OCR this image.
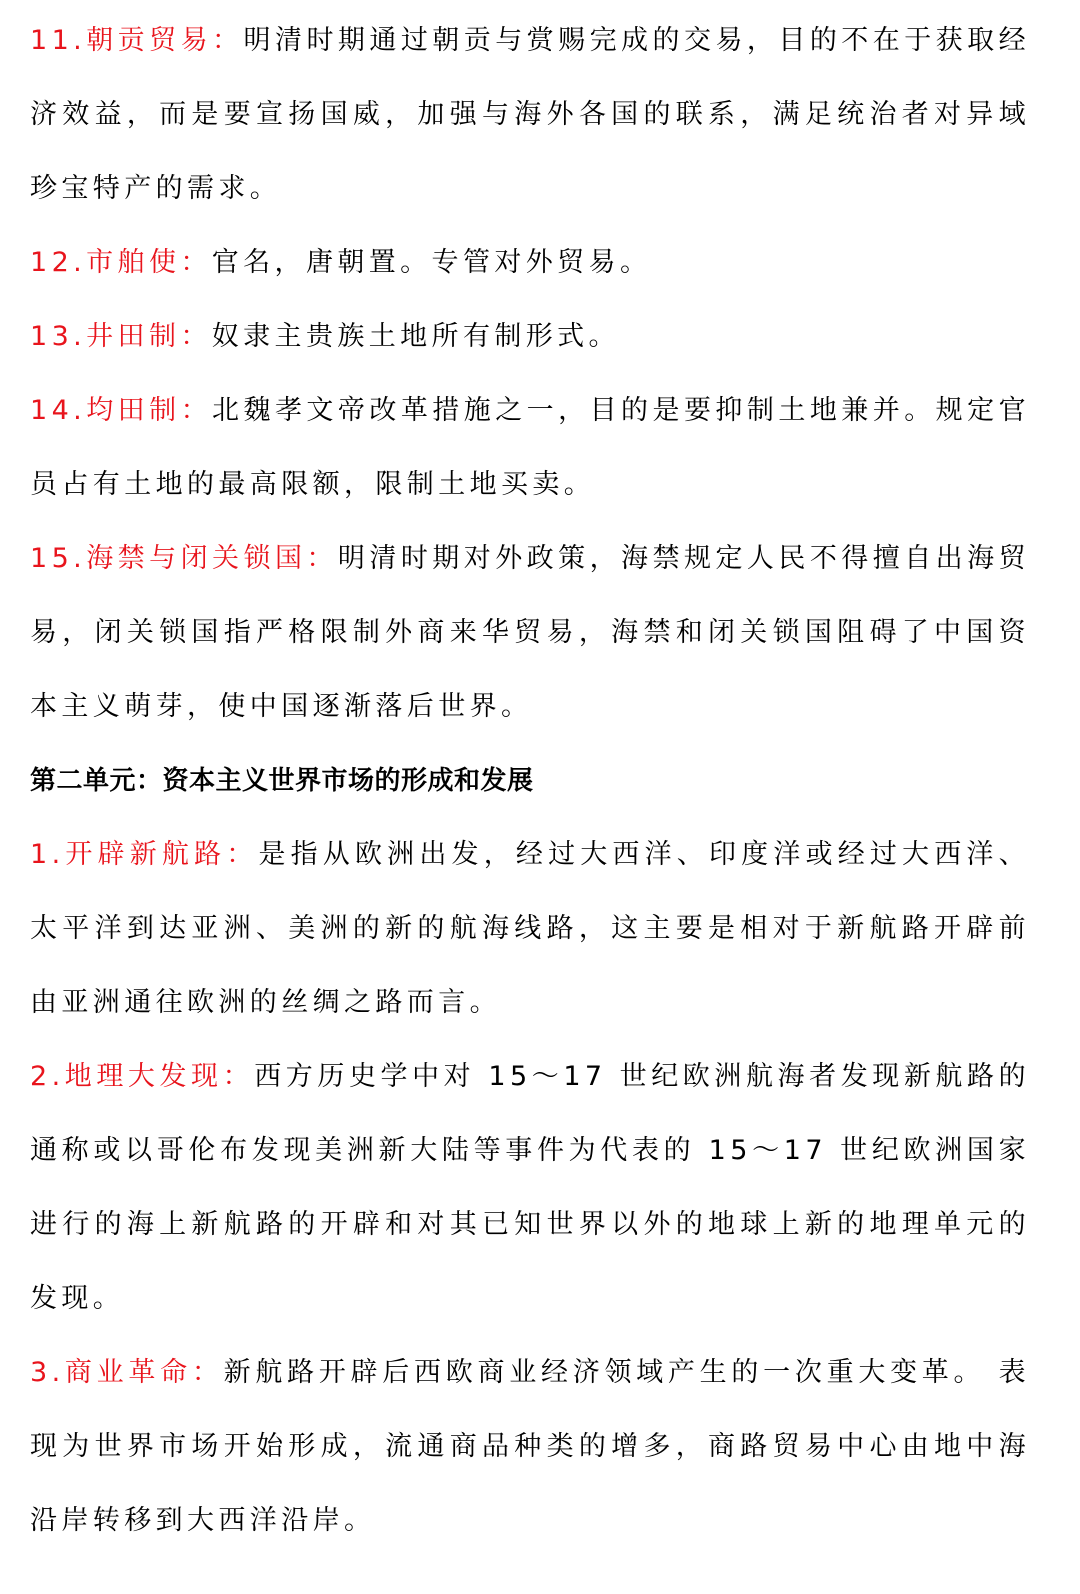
11.朝贡贸易：明清时期通过朝贡与赏赐完成的交易，目的不在于获取经济效益，而是要宣扬国威，加强与海外各国的联系，满足统治者对异域珍宝特产的需求。

12.市舶使：官名，唐朝置。专管对外贸易。

13.井田制：奴隶主贵族土地所有制形式。

14.均田制：北魏孝文帝改革措施之一，目的是要抑制土地兼并。规定官员占有土地的最高限额，限制土地买卖。

15.海禁与闭关锁国：明清时期对外政策，海禁规定人民不得擅自出海贸易，闭关锁国指严格限制外商来华贸易，海禁和闭关锁国阻碍了中国资本主义萌芽，使中国逐渐落后世界。

第二单元：资本主义世界市场的形成和发展

1.开辟新航路：是指从欧洲出发，经过大西洋、印度洋或经过大西洋、太平洋到达亚洲、美洲的新的航海线路，这主要是相对于新航路开辟前由亚洲通往欧洲的丝绸之路而言。

2.地理大发现：西方历史学中对 15～17 世纪欧洲航海者发现新航路的通称或以哥伦布发现美洲新大陆等事件为代表的 15～17 世纪欧洲国家进行的海上新航路的开辟和对其已知世界以外的地球上新的地理单元的发现。

3.商业革命：新航路开辟后西欧商业经济领域产生的一次重大变革。 表现为世界市场开始形成，流通商品种类的增多，商路贸易中心由地中海沿岸转移到大西洋沿岸。
